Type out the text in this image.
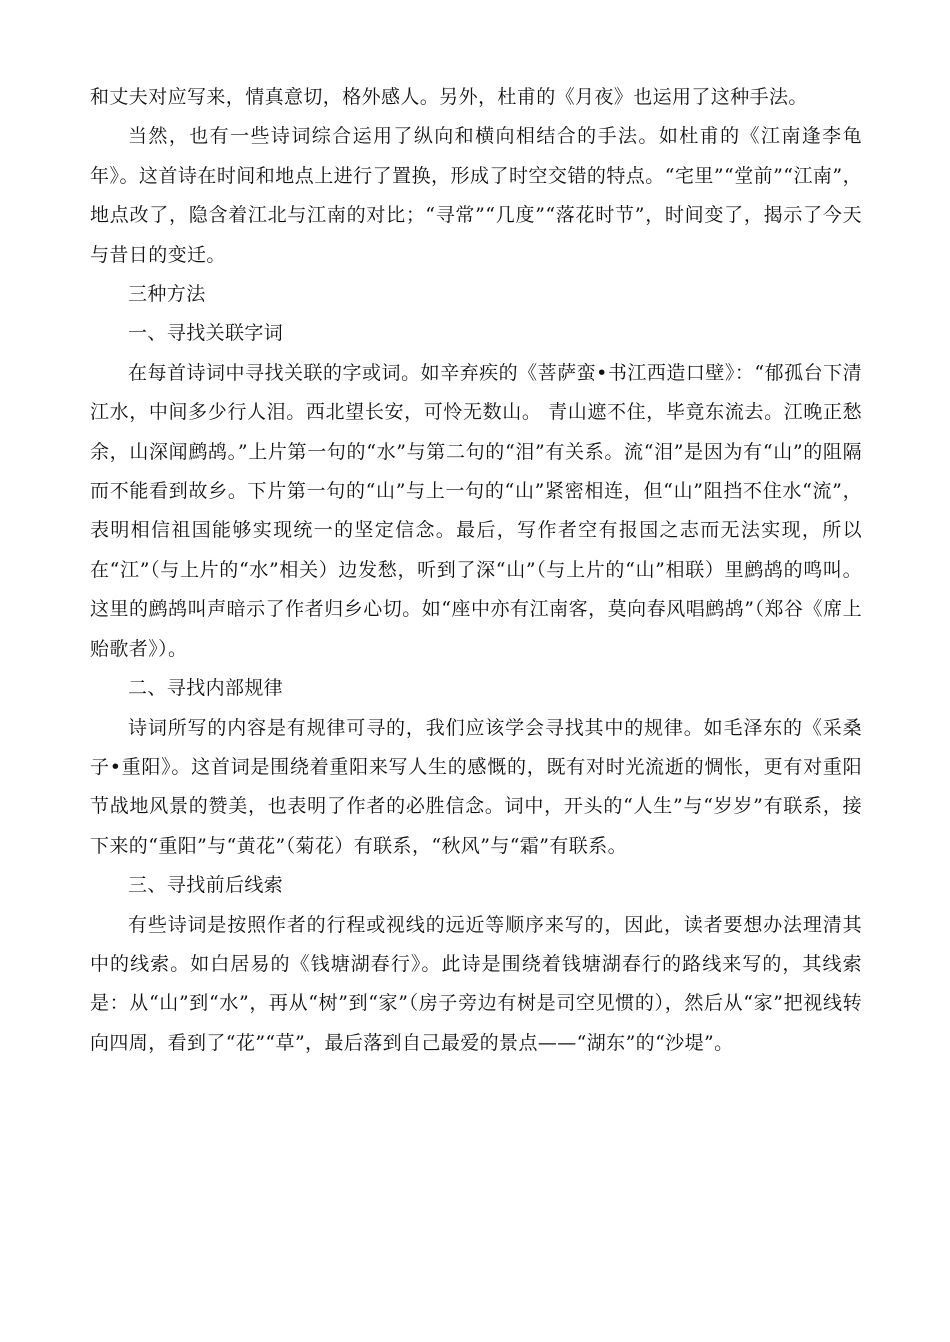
和丈夫对应写来，情真意切，格外感人。另外，杜甫的《月夜》也运用了这种手法。

当然，也有一些诗词综合运用了纵向和横向相结合的手法。如杜甫的《江南逢李龟年》。这首诗在时间和地点上进行了置换，形成了时空交错的特点。“宅里”“堂前”“江南”，地点改了，隐含着江北与江南的对比；“寻常”“几度”“落花时节”，时间变了，揭示了今天与昔日的变迁。

三种方法

一、寻找关联字词

在每首诗词中寻找关联的字或词。如辛弃疾的《菩萨蛮•书江西造口壁》：“郁孤台下清江水，中间多少行人泪。西北望长安，可怜无数山。 青山遮不住，毕竟东流去。江晚正愁余，山深闻鹧鸪。”上片第一句的“水”与第二句的“泪”有关系。流“泪”是因为有“山”的阻隔而不能看到故乡。下片第一句的“山”与上一句的“山”紧密相连，但“山”阻挡不住水“流”，表明相信祖国能够实现统一的坚定信念。最后，写作者空有报国之志而无法实现，所以在“江”（与上片的“水”相关）边发愁，听到了深“山”（与上片的“山”相联）里鹧鸪的鸣叫。这里的鹧鸪叫声暗示了作者归乡心切。如“座中亦有江南客，莫向春风唱鹧鸪”（郑谷《席上贻歌者》）。

二、寻找内部规律

诗词所写的内容是有规律可寻的，我们应该学会寻找其中的规律。如毛泽东的《采桑子•重阳》。这首词是围绕着重阳来写人生的感慨的，既有对时光流逝的惆怅，更有对重阳节战地风景的赞美，也表明了作者的必胜信念。词中，开头的“人生”与“岁岁”有联系，接下来的“重阳”与“黄花”（菊花）有联系，“秋风”与“霜”有联系。

三、寻找前后线索

有些诗词是按照作者的行程或视线的远近等顺序来写的，因此，读者要想办法理清其中的线索。如白居易的《钱塘湖春行》。此诗是围绕着钱塘湖春行的路线来写的，其线索是：从“山”到“水”，再从“树”到“家”（房子旁边有树是司空见惯的），然后从“家”把视线转向四周，看到了“花”“草”，最后落到自己最爱的景点——“湖东”的“沙堤”。
